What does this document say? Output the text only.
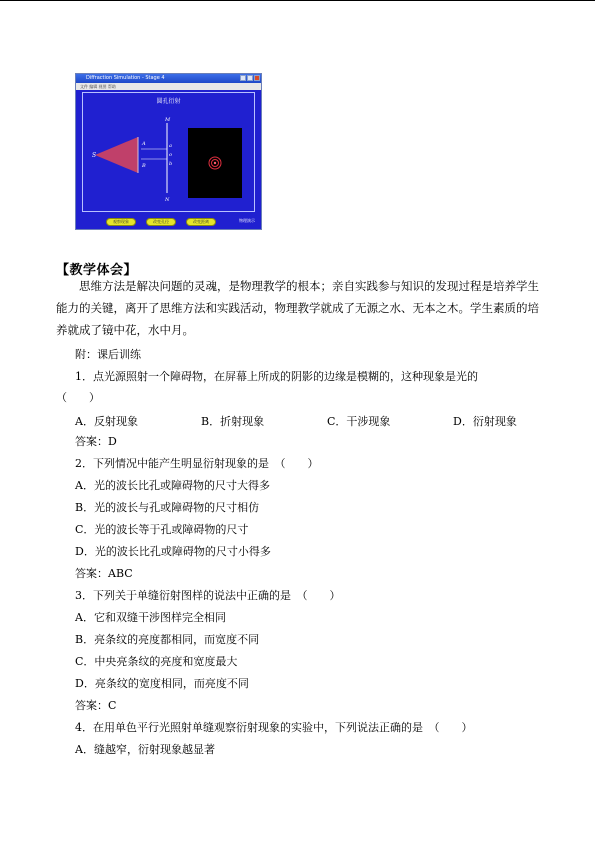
Diffraction Simulation - Stage 4
文件 编辑 视图 帮助
圆孔衍射
S
A
B
M
N
a
o
b
观察现象	改变孔径	改变距离	物理演示
【教学体会】
思维方法是解决问题的灵魂，是物理教学的根本；亲自实践参与知识的发现过程是培养学生能力的关键，离开了思维方法和实践活动，物理教学就成了无源之水、无本之木。学生素质的培养就成了镜中花，水中月。
附：课后训练
1．点光源照射一个障碍物，在屏幕上所成的阴影的边缘是模糊的，这种现象是光的
（　　）
A．反射现象	B．折射现象	C．干涉现象	D．衍射现象
答案：D
2．下列情况中能产生明显衍射现象的是　（　　）
A．光的波长比孔或障碍物的尺寸大得多
B．光的波长与孔或障碍物的尺寸相仿
C．光的波长等于孔或障碍物的尺寸
D．光的波长比孔或障碍物的尺寸小得多
答案：ABC
3．下列关于单缝衍射图样的说法中正确的是　（　　）
A．它和双缝干涉图样完全相同
B．亮条纹的亮度都相同，而宽度不同
C．中央亮条纹的亮度和宽度最大
D．亮条纹的宽度相同，而亮度不同
答案：C
4．在用单色平行光照射单缝观察衍射现象的实验中，下列说法正确的是　（　　）
A．缝越窄，衍射现象越显著
